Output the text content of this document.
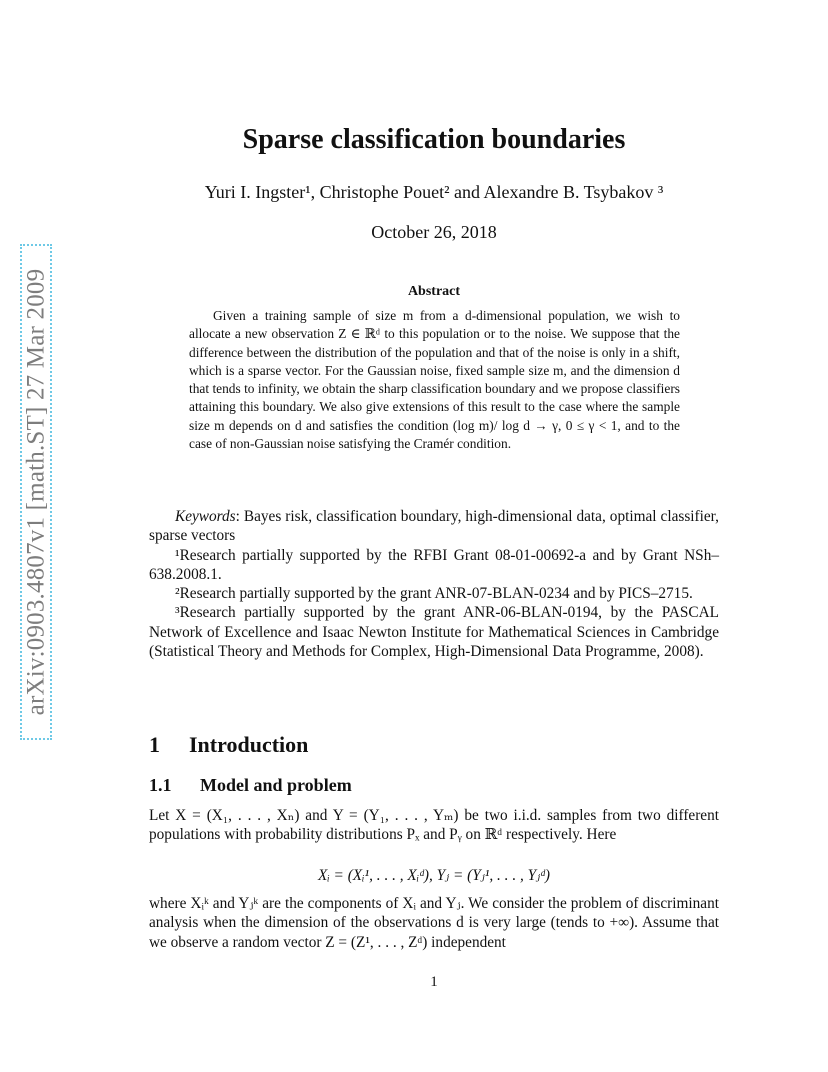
arXiv:0903.4807v1 [math.ST] 27 Mar 2009
Sparse classification boundaries
Yuri I. Ingster¹, Christophe Pouet² and Alexandre B. Tsybakov ³
October 26, 2018
Abstract

Given a training sample of size m from a d-dimensional population, we wish to allocate a new observation Z ∈ ℝᵈ to this population or to the noise. We suppose that the difference between the distribution of the population and that of the noise is only in a shift, which is a sparse vector. For the Gaussian noise, fixed sample size m, and the dimension d that tends to infinity, we obtain the sharp classification boundary and we propose classifiers attaining this boundary. We also give extensions of this result to the case where the sample size m depends on d and satisfies the condition (log m)/ log d → γ, 0 ≤ γ < 1, and to the case of non-Gaussian noise satisfying the Cramér condition.

Keywords: Bayes risk, classification boundary, high-dimensional data, optimal classifier, sparse vectors

¹Research partially supported by the RFBI Grant 08-01-00692-a and by Grant NSh–638.2008.1.

²Research partially supported by the grant ANR-07-BLAN-0234 and by PICS–2715.

³Research partially supported by the grant ANR-06-BLAN-0194, by the PASCAL Network of Excellence and Isaac Newton Institute for Mathematical Sciences in Cambridge (Statistical Theory and Methods for Complex, High-Dimensional Data Programme, 2008).

1 Introduction
1.1 Model and problem

Let X = (X₁, . . . , Xₙ) and Y = (Y₁, . . . , Yₘ) be two i.i.d. samples from two different populations with probability distributions Pₓ and Pᵧ on ℝᵈ respectively. Here

Xᵢ = (Xᵢ¹, . . . , Xᵢᵈ), Yⱼ = (Yⱼ¹, . . . , Yⱼᵈ)

where Xᵢᵏ and Yⱼᵏ are the components of Xᵢ and Yⱼ. We consider the problem of discriminant analysis when the dimension of the observations d is very large (tends to +∞). Assume that we observe a random vector Z = (Z¹, . . . , Zᵈ) independent

1
